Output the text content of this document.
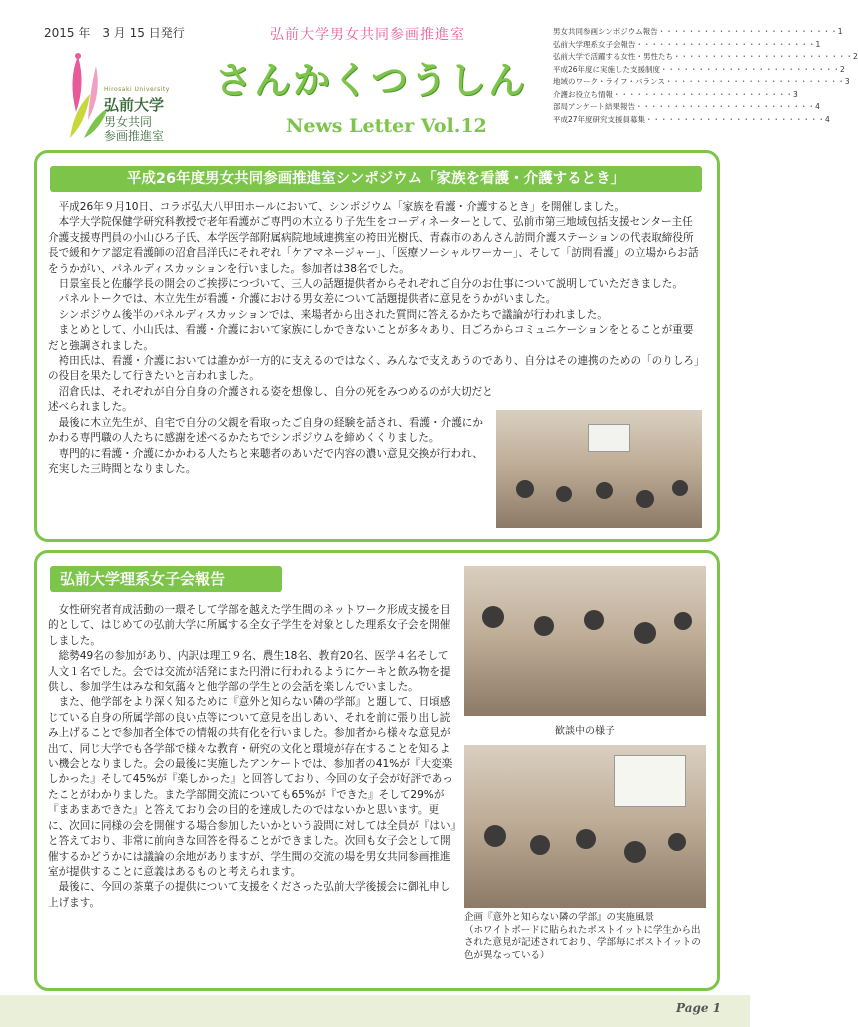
2015 年　3 月 15 日発行
Hirosaki University
弘前大学
男女共同
参画推進室
弘前大学男女共同参画推進室
さんかくつうしん
News Letter Vol.12
男女共同参画シンポジウム報告 ・・・・・・・・・・・・・・・・・・・・・・・・ 1
弘前大学理系女子会報告 ・・・・・・・・・・・・・・・・・・・・・・・・ 1
弘前大学で活躍する女性・男性たち ・・・・・・・・・・・・・・・・・・・・・・・・ 2
平成26年度に実施した支援制度 ・・・・・・・・・・・・・・・・・・・・・・・・ 2
地域のワーク・ライフ・バランス ・・・・・・・・・・・・・・・・・・・・・・・・ 3
介護お役立ち情報 ・・・・・・・・・・・・・・・・・・・・・・・・ 3
部局アンケート結果報告 ・・・・・・・・・・・・・・・・・・・・・・・・ 4
平成27年度研究支援員募集 ・・・・・・・・・・・・・・・・・・・・・・・・ 4
平成26年度男女共同参画推進室シンポジウム「家族を看護・介護するとき」

平成26年９月10日、コラボ弘大八甲田ホールにおいて、シンポジウム「家族を看護・介護するとき」を開催しました。

本学大学院保健学研究科教授で老年看護がご専門の木立るり子先生をコーディネーターとして、弘前市第三地域包括支援センター主任介護支援専門員の小山ひろ子氏、本学医学部附属病院地域連携室の袴田光樹氏、青森市のあんさん訪問介護ステーションの代表取締役所長で緩和ケア認定看護師の沼倉昌洋氏にそれぞれ「ケアマネージャー」、「医療ソーシャルワーカー」、そして「訪問看護」の立場からお話をうかがい、パネルディスカッションを行いました。参加者は38名でした。

日景室長と佐藤学長の開会のご挨拶につづいて、三人の話題提供者からそれぞれご自分のお仕事について説明していただきました。

パネルトークでは、木立先生が看護・介護における男女差について話題提供者に意見をうかがいました。

シンポジウム後半のパネルディスカッションでは、来場者から出された質問に答えるかたちで議論が行われました。

まとめとして、小山氏は、看護・介護において家族にしかできないことが多々あり、日ごろからコミュニケーションをとることが重要だと強調されました。

袴田氏は、看護・介護においては誰かが一方的に支えるのではなく、みんなで支えあうのであり、自分はその連携のための「のりしろ」の役目を果たして行きたいと言われました。

沼倉氏は、それぞれが自分自身の介護される姿を想像し、自分の死をみつめるのが大切だと述べられました。

最後に木立先生が、自宅で自分の父親を看取ったご自身の経験を話され、看護・介護にかかわる専門職の人たちに感謝を述べるかたちでシンポジウムを締めくくりました。

専門的に看護・介護にかかわる人たちと来聴者のあいだで内容の濃い意見交換が行われ、充実した三時間となりました。

弘前大学理系女子会報告

女性研究者育成活動の一環そして学部を越えた学生間のネットワーク形成支援を目的として、はじめての弘前大学に所属する全女子学生を対象とした理系女子会を開催しました。

総勢49名の参加があり、内訳は理工９名、農生18名、教育20名、医学４名そして人文１名でした。会では交流が活発にまた円滑に行われるようにケーキと飲み物を提供し、参加学生はみな和気藹々と他学部の学生との会話を楽しんでいました。

また、他学部をより深く知るために『意外と知らない隣の学部』と題して、日頃感じている自身の所属学部の良い点等について意見を出しあい、それを前に張り出し読み上げることで参加者全体での情報の共有化を行いました。参加者から様々な意見が出て、同じ大学でも各学部で様々な教育・研究の文化と環境が存在することを知るよい機会となりました。会の最後に実施したアンケートでは、参加者の41%が『大変楽しかった』そして45%が『楽しかった』と回答しており、今回の女子会が好評であったことがわかりました。また学部間交流についても65%が『できた』そして29%が『まあまあできた』と答えており会の目的を達成したのではないかと思います。更に、次回に同様の会を開催する場合参加したいかという設問に対しては全員が『はい』と答えており、非常に前向きな回答を得ることができました。次回も女子会として開催するかどうかには議論の余地がありますが、学生間の交流の場を男女共同参画推進室が提供することに意義はあるものと考えられます。

最後に、今回の茶菓子の提供について支援をくださった弘前大学後援会に御礼申し上げます。

歓談中の様子
企画『意外と知らない隣の学部』の実施風景
（ホワイトボードに貼られたポストイットに学生から出された意見が記述されており、学部毎にポストイットの色が異なっている）
Page 1
